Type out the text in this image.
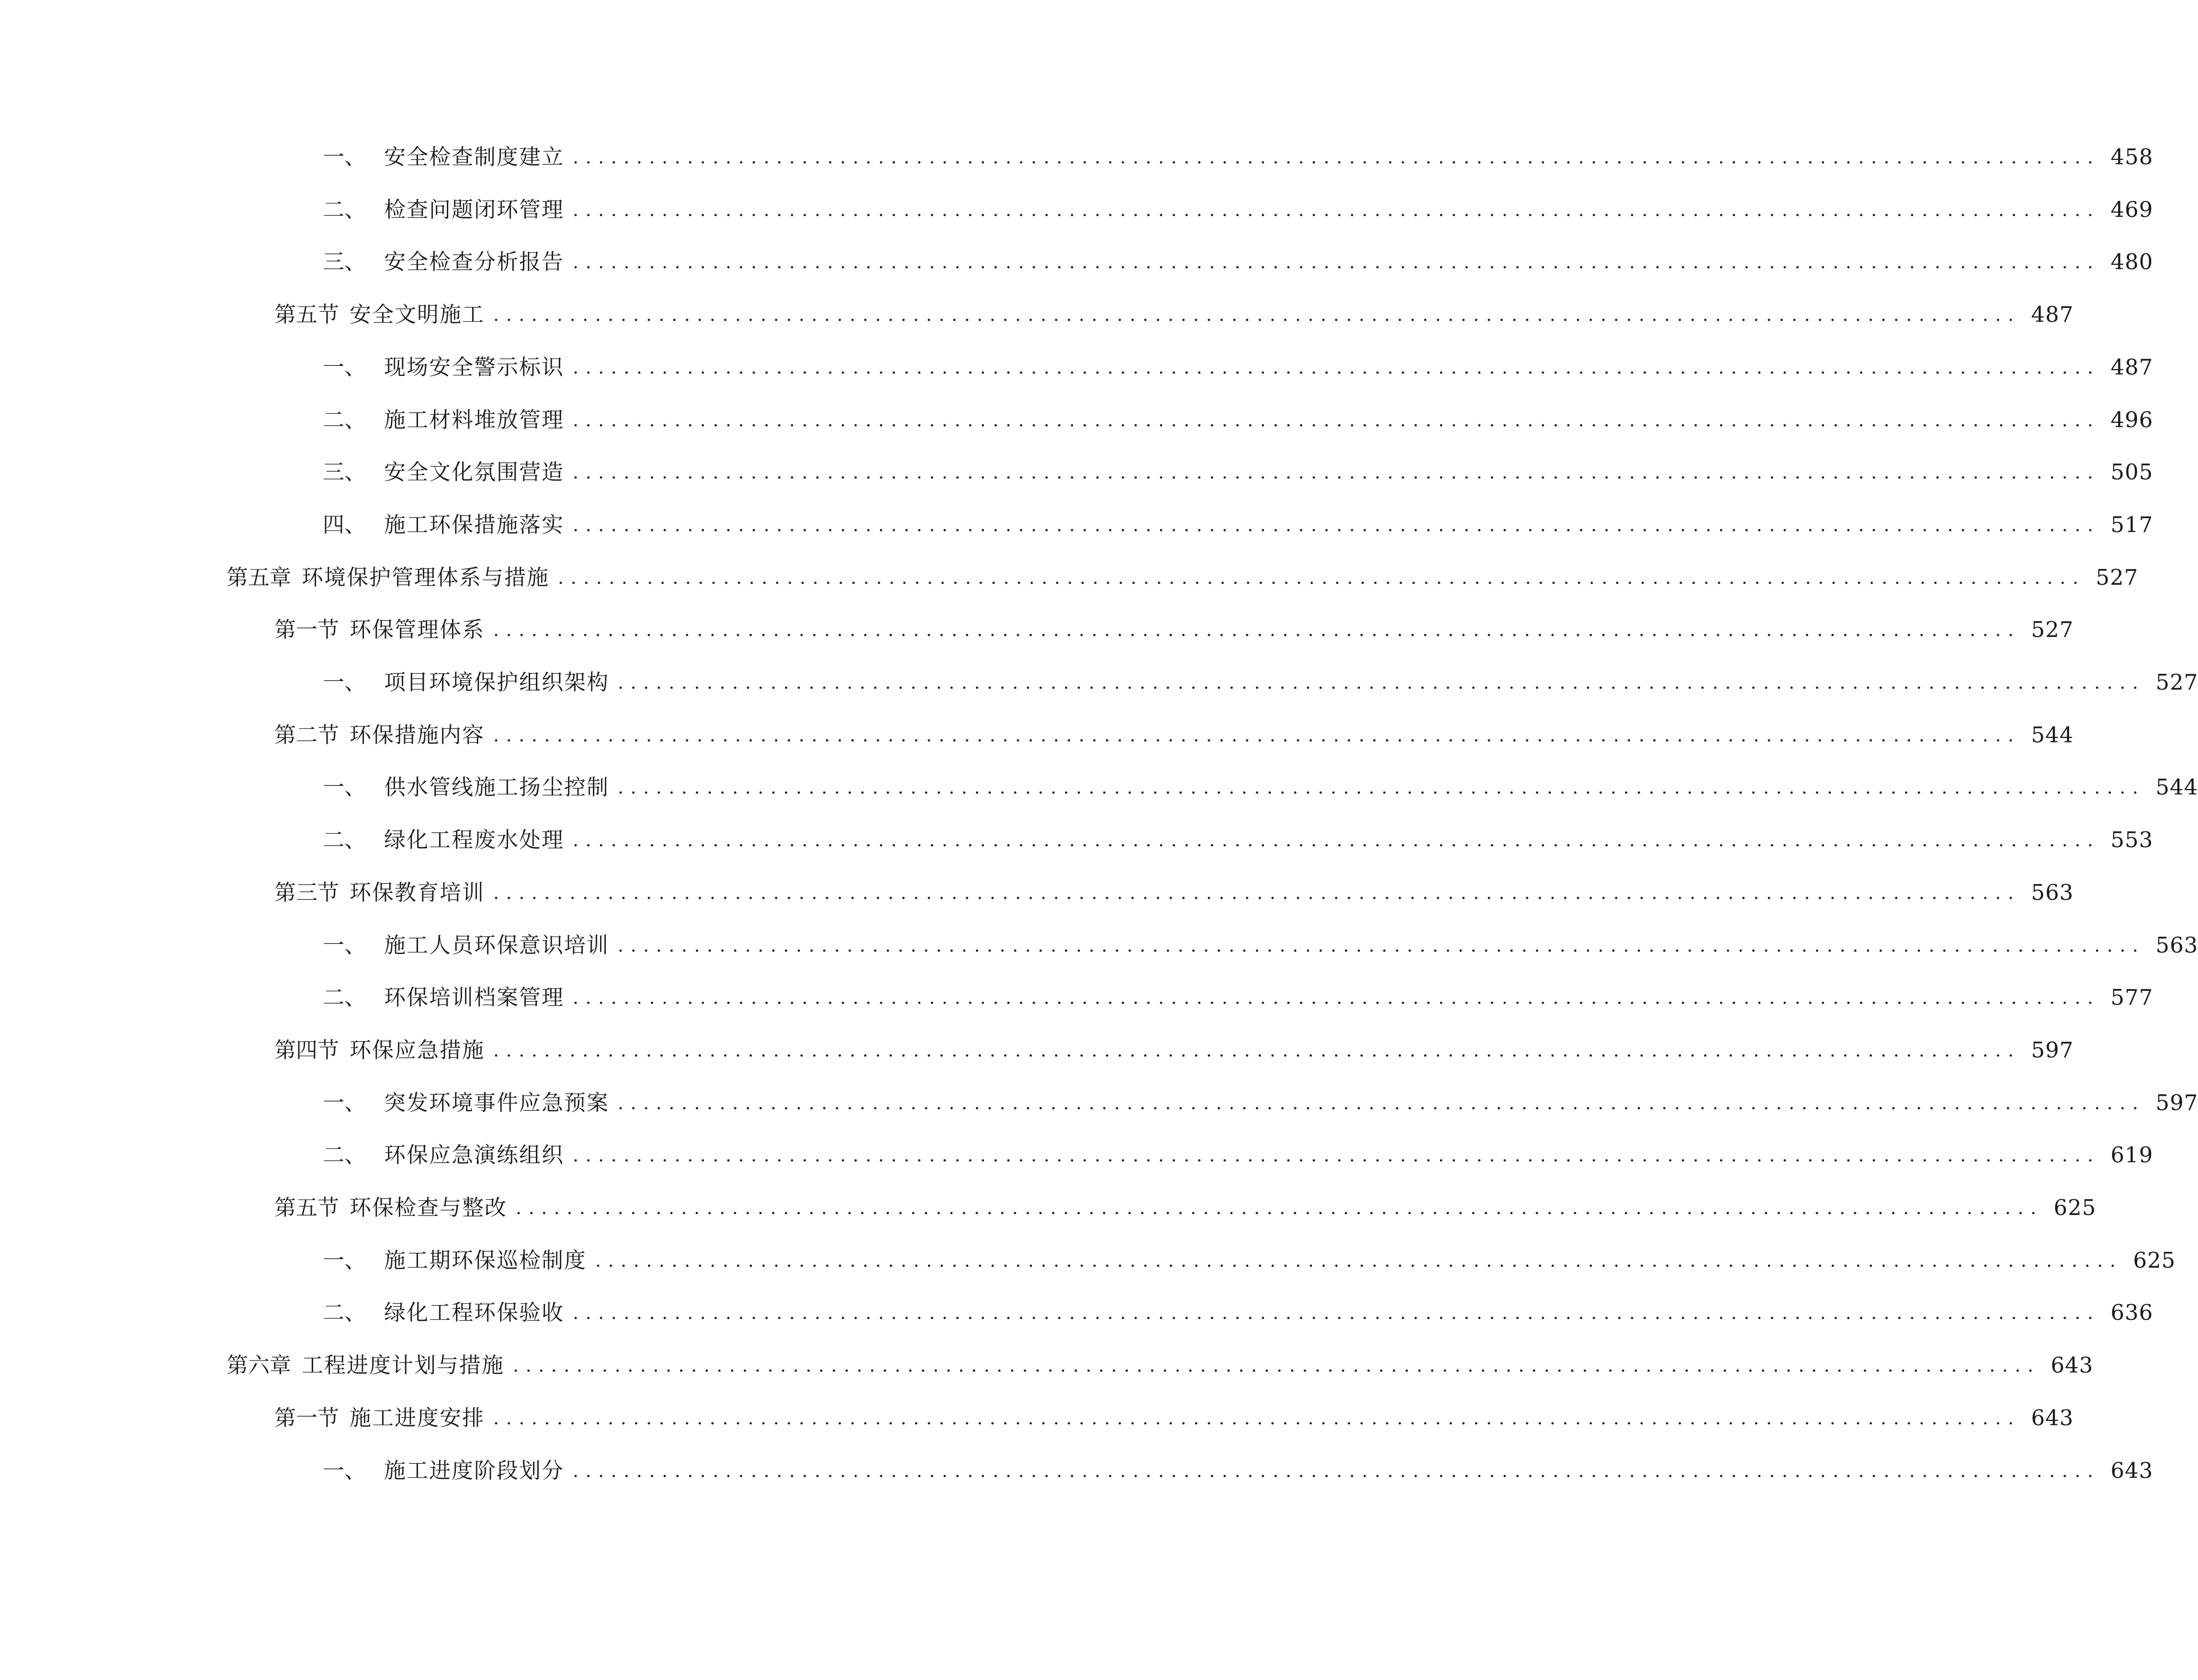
一、 安全检查制度建立 ........................................................................................................................ 458
二、 检查问题闭环管理 ........................................................................................................................ 469
三、 安全检查分析报告 ........................................................................................................................ 480
第五节 安全文明施工 ........................................................................................................................ 487
一、 现场安全警示标识 ........................................................................................................................ 487
二、 施工材料堆放管理 ........................................................................................................................ 496
三、 安全文化氛围营造 ........................................................................................................................ 505
四、 施工环保措施落实 ........................................................................................................................ 517
第五章 环境保护管理体系与措施 ........................................................................................................................ 527
第一节 环保管理体系 ........................................................................................................................ 527
一、 项目环境保护组织架构 ........................................................................................................................ 527
第二节 环保措施内容 ........................................................................................................................ 544
一、 供水管线施工扬尘控制 ........................................................................................................................ 544
二、 绿化工程废水处理 ........................................................................................................................ 553
第三节 环保教育培训 ........................................................................................................................ 563
一、 施工人员环保意识培训 ........................................................................................................................ 563
二、 环保培训档案管理 ........................................................................................................................ 577
第四节 环保应急措施 ........................................................................................................................ 597
一、 突发环境事件应急预案 ........................................................................................................................ 597
二、 环保应急演练组织 ........................................................................................................................ 619
第五节 环保检查与整改 ........................................................................................................................ 625
一、 施工期环保巡检制度 ........................................................................................................................ 625
二、 绿化工程环保验收 ........................................................................................................................ 636
第六章 工程进度计划与措施 ........................................................................................................................ 643
第一节 施工进度安排 ........................................................................................................................ 643
一、 施工进度阶段划分 ........................................................................................................................ 643
